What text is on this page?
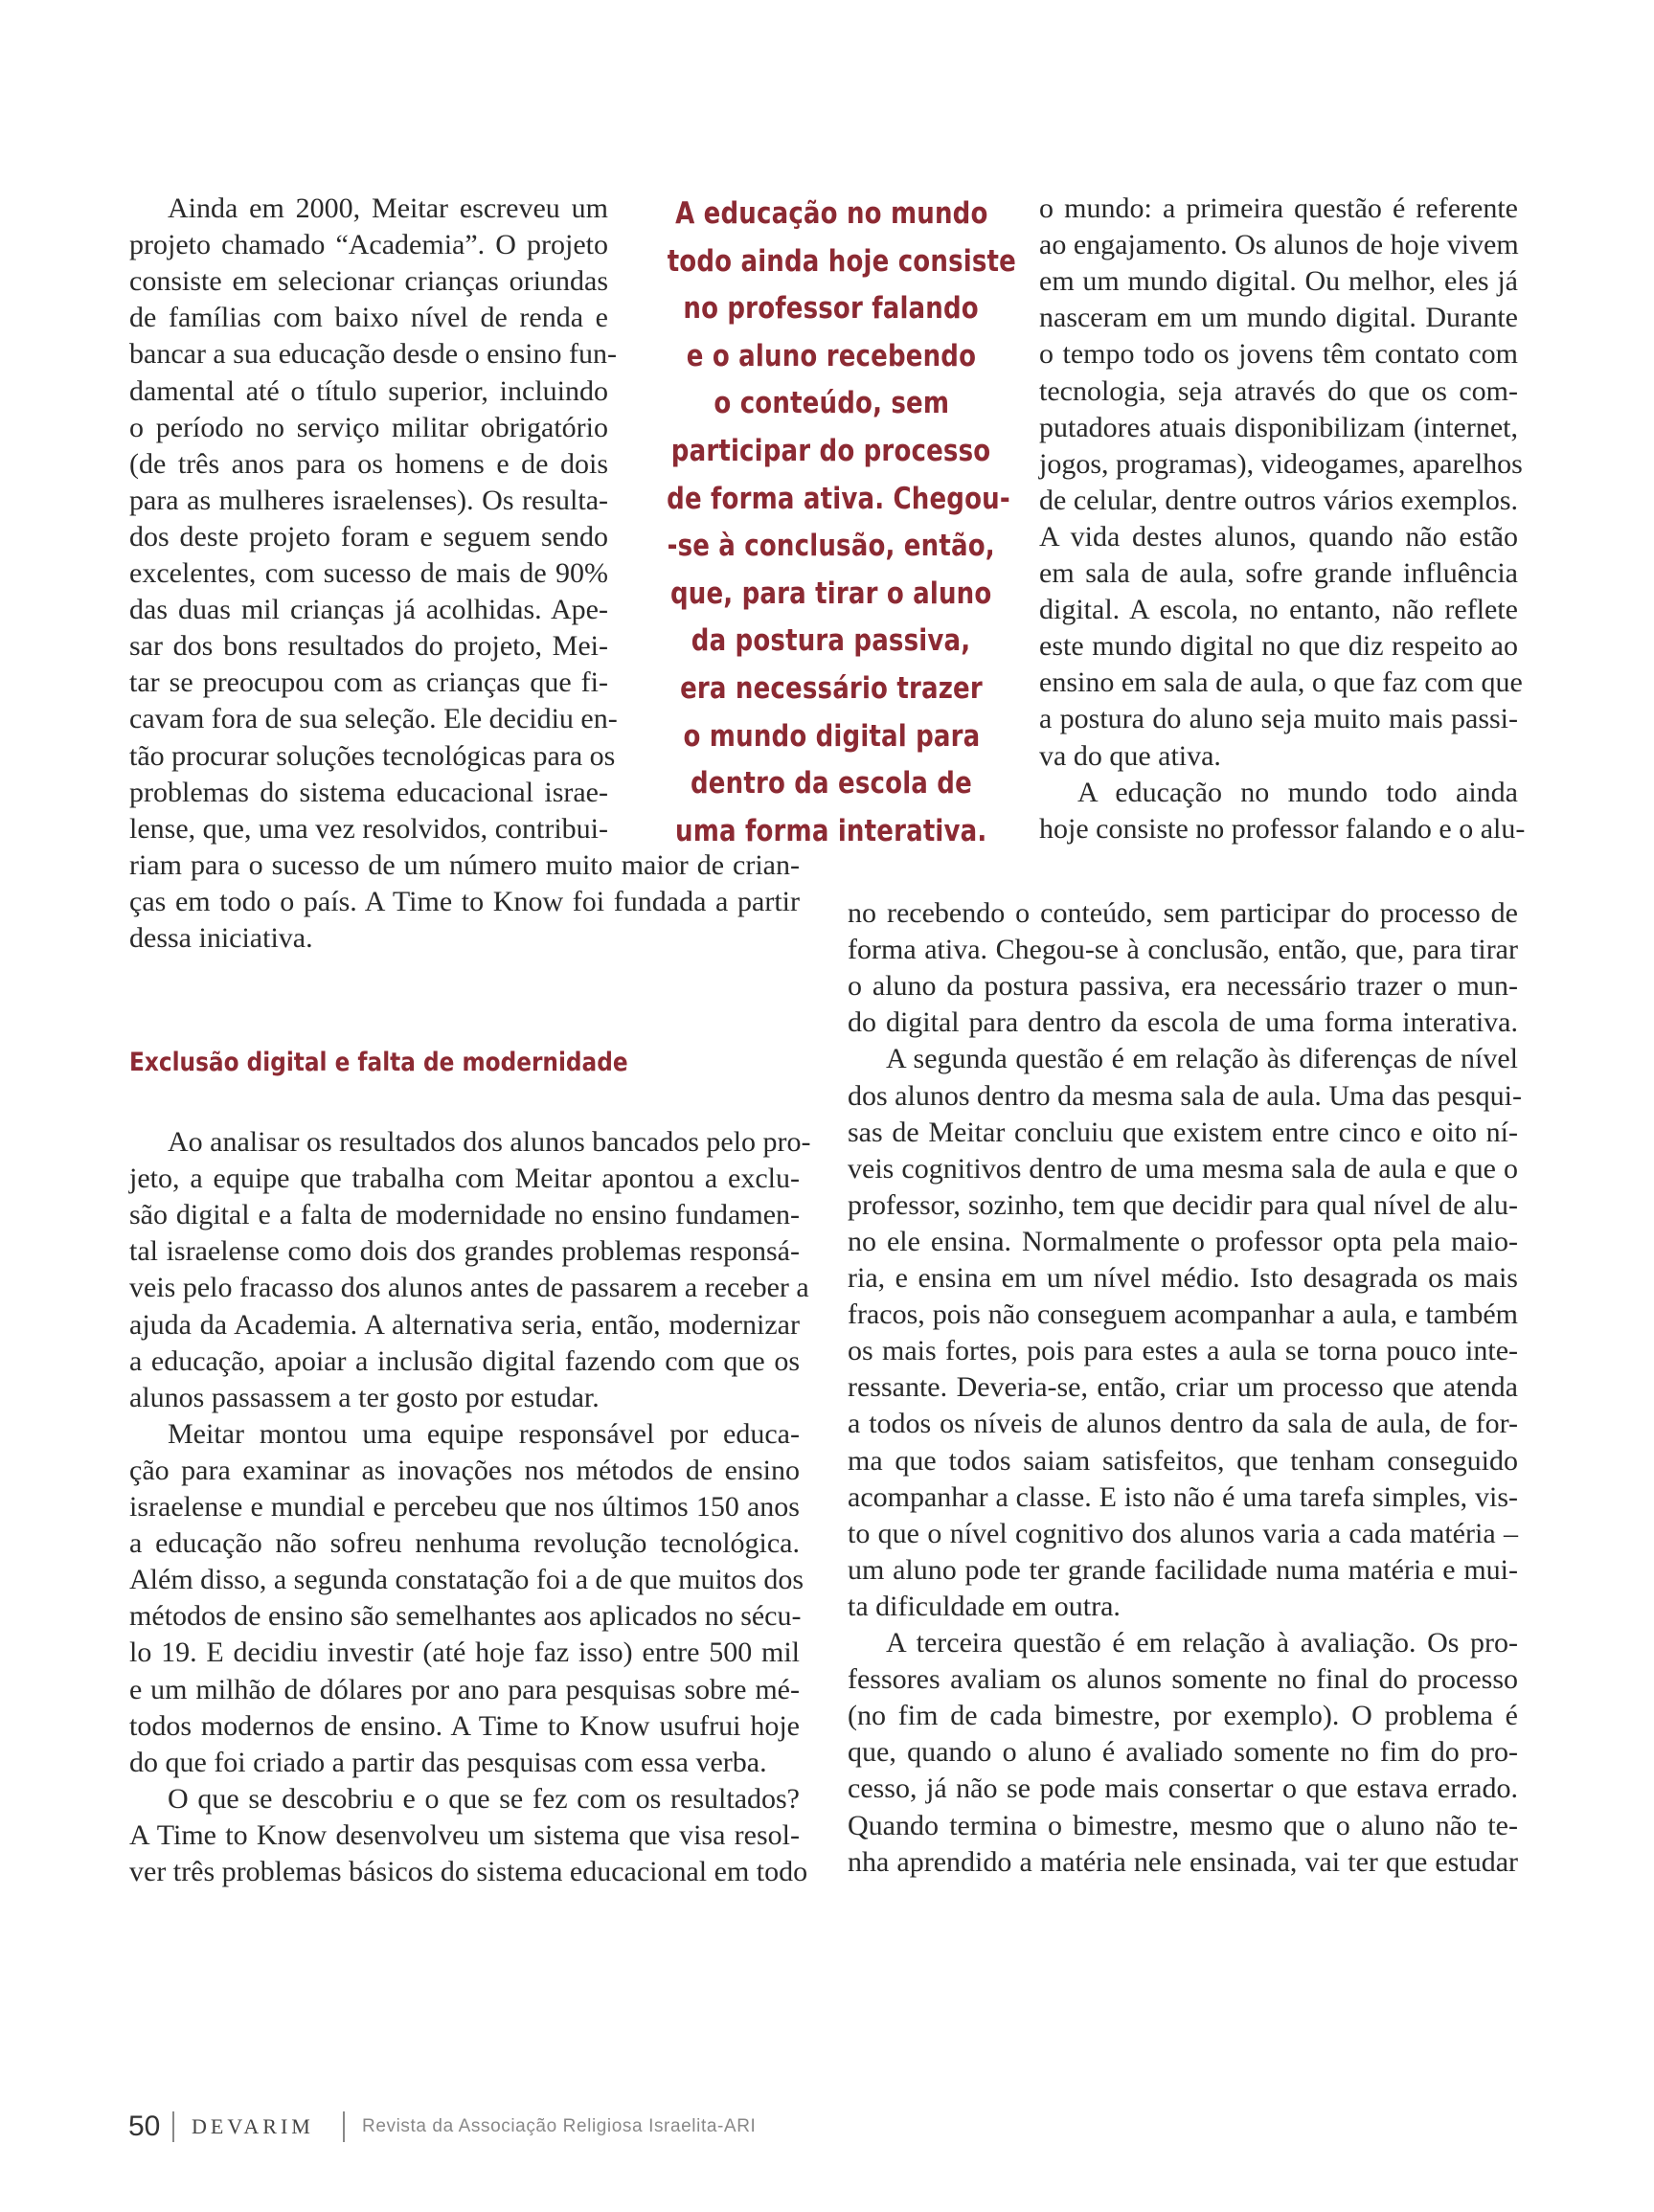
Ainda em 2000, Meitar escreveu um
projeto chamado “Academia”. O projeto
consiste em selecionar crianças oriundas
de famílias com baixo nível de renda e
bancar a sua educação desde o ensino fun-
damental até o título superior, incluindo
o período no serviço militar obrigatório
(de três anos para os homens e de dois
para as mulheres israelenses). Os resulta-
dos deste projeto foram e seguem sendo
excelentes, com sucesso de mais de 90%
das duas mil crianças já acolhidas. Ape-
sar dos bons resultados do projeto, Mei-
tar se preocupou com as crianças que fi-
cavam fora de sua seleção. Ele decidiu en-
tão procurar soluções tecnológicas para os
problemas do sistema educacional israe-
lense, que, uma vez resolvidos, contribui-
riam para o sucesso de um número muito maior de crian-
ças em todo o país. A Time to Know foi fundada a partir
dessa iniciativa.
Ao analisar os resultados dos alunos bancados pelo pro-
jeto, a equipe que trabalha com Meitar apontou a exclu-
são digital e a falta de modernidade no ensino fundamen-
tal israelense como dois dos grandes problemas responsá-
veis pelo fracasso dos alunos antes de passarem a receber a
ajuda da Academia. A alternativa seria, então, modernizar
a educação, apoiar a inclusão digital fazendo com que os
alunos passassem a ter gosto por estudar.
Meitar montou uma equipe responsável por educa-
ção para examinar as inovações nos métodos de ensino
israelense e mundial e percebeu que nos últimos 150 anos
a educação não sofreu nenhuma revolução tecnológica.
Além disso, a segunda constatação foi a de que muitos dos
métodos de ensino são semelhantes aos aplicados no sécu-
lo 19. E decidiu investir (até hoje faz isso) entre 500 mil
e um milhão de dólares por ano para pesquisas sobre mé-
todos modernos de ensino. A Time to Know usufrui hoje
do que foi criado a partir das pesquisas com essa verba.
O que se descobriu e o que se fez com os resultados?
A Time to Know desenvolveu um sistema que visa resol-
ver três problemas básicos do sistema educacional em todo
o mundo: a primeira questão é referente
ao engajamento. Os alunos de hoje vivem
em um mundo digital. Ou melhor, eles já
nasceram em um mundo digital. Durante
o tempo todo os jovens têm contato com
tecnologia, seja através do que os com-
putadores atuais disponibilizam (internet,
jogos, programas), videogames, aparelhos
de celular, dentre outros vários exemplos.
A vida destes alunos, quando não estão
em sala de aula, sofre grande influência
digital. A escola, no entanto, não reflete
este mundo digital no que diz respeito ao
ensino em sala de aula, o que faz com que
a postura do aluno seja muito mais passi-
va do que ativa.
A educação no mundo todo ainda
hoje consiste no professor falando e o alu-
no recebendo o conteúdo, sem participar do processo de
forma ativa. Chegou-se à conclusão, então, que, para tirar
o aluno da postura passiva, era necessário trazer o mun-
do digital para dentro da escola de uma forma interativa.
A segunda questão é em relação às diferenças de nível
dos alunos dentro da mesma sala de aula. Uma das pesqui-
sas de Meitar concluiu que existem entre cinco e oito ní-
veis cognitivos dentro de uma mesma sala de aula e que o
professor, sozinho, tem que decidir para qual nível de alu-
no ele ensina. Normalmente o professor opta pela maio-
ria, e ensina em um nível médio. Isto desagrada os mais
fracos, pois não conseguem acompanhar a aula, e também
os mais fortes, pois para estes a aula se torna pouco inte-
ressante. Deveria-se, então, criar um processo que atenda
a todos os níveis de alunos dentro da sala de aula, de for-
ma que todos saiam satisfeitos, que tenham conseguido
acompanhar a classe. E isto não é uma tarefa simples, vis-
to que o nível cognitivo dos alunos varia a cada matéria –
um aluno pode ter grande facilidade numa matéria e mui-
ta dificuldade em outra.
A terceira questão é em relação à avaliação. Os pro-
fessores avaliam os alunos somente no final do processo
(no fim de cada bimestre, por exemplo). O problema é
que, quando o aluno é avaliado somente no fim do pro-
cesso, já não se pode mais consertar o que estava errado.
Quando termina o bimestre, mesmo que o aluno não te-
nha aprendido a matéria nele ensinada, vai ter que estudar
A educação no mundo
todo ainda hoje consiste
no professor falando
e o aluno recebendo
o conteúdo, sem
participar do processo
de forma ativa. Chegou-
-se à conclusão, então,
que, para tirar o aluno
da postura passiva,
era necessário trazer
o mundo digital para
dentro da escola de
uma forma interativa.
Exclusão digital e falta de modernidade
50 DEVARIM	Revista da Associação Religiosa Israelita-ARI
